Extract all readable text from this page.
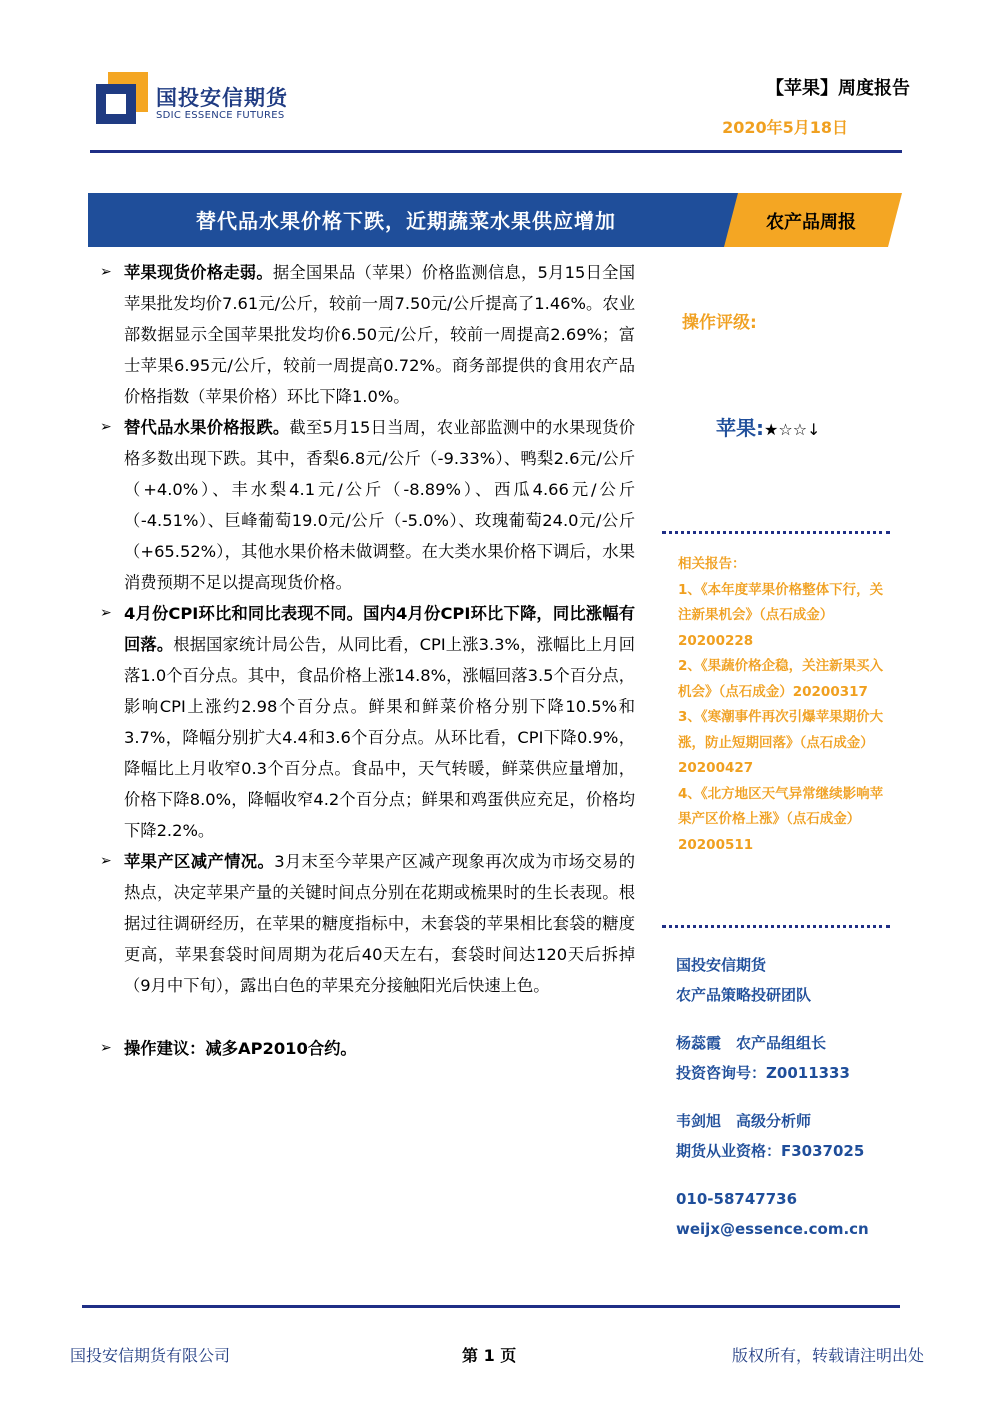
国投安信期货
SDIC ESSENCE FUTURES
【苹果】周度报告
2020年5月18日
替代品水果价格下跌，近期蔬菜水果供应增加	农产品周报
➢ 苹果现货价格走弱。据全国果品（苹果）价格监测信息，5月15日全国苹果批发均价7.61元/公斤，较前一周7.50元/公斤提高了1.46%。农业部数据显示全国苹果批发均价6.50元/公斤，较前一周提高2.69%；富士苹果6.95元/公斤，较前一周提高0.72%。商务部提供的食用农产品价格指数（苹果价格）环比下降1.0%。
➢ 替代品水果价格报跌。截至5月15日当周，农业部监测中的水果现货价格多数出现下跌。其中，香梨6.8元/公斤（-9.33%）、鸭梨2.6元/公斤（+4.0%）、丰水梨4.1元/公斤（-8.89%）、西瓜4.66元/公斤（-4.51%）、巨峰葡萄19.0元/公斤（-5.0%）、玫瑰葡萄24.0元/公斤（+65.52%），其他水果价格未做调整。在大类水果价格下调后，水果消费预期不足以提高现货价格。
➢ 4月份CPI环比和同比表现不同。国内4月份CPI环比下降，同比涨幅有回落。根据国家统计局公告，从同比看，CPI上涨3.3%，涨幅比上月回落1.0个百分点。其中，食品价格上涨14.8%，涨幅回落3.5个百分点，影响CPI上涨约2.98个百分点。鲜果和鲜菜价格分别下降10.5%和3.7%，降幅分别扩大4.4和3.6个百分点。从环比看，CPI下降0.9%，降幅比上月收窄0.3个百分点。食品中，天气转暖，鲜菜供应量增加，价格下降8.0%，降幅收窄4.2个百分点；鲜果和鸡蛋供应充足，价格均下降2.2%。
➢ 苹果产区减产情况。3月末至今苹果产区减产现象再次成为市场交易的热点，决定苹果产量的关键时间点分别在花期或梳果时的生长表现。根据过往调研经历，在苹果的糖度指标中，未套袋的苹果相比套袋的糖度更高，苹果套袋时间周期为花后40天左右，套袋时间达120天后拆掉（9月中下旬），露出白色的苹果充分接触阳光后快速上色。
➢ 操作建议：减多AP2010合约。
操作评级:
苹果:★☆☆↓
相关报告：
1、《本年度苹果价格整体下行，关注新果机会》（点石成金）20200228
2、《果蔬价格企稳，关注新果买入机会》（点石成金）20200317
3、《寒潮事件再次引爆苹果期价大涨，防止短期回落》（点石成金）20200427
4、《北方地区天气异常继续影响苹果产区价格上涨》（点石成金）20200511
国投安信期货
农产品策略投研团队
杨蕊霞　农产品组组长
投资咨询号：Z0011333
韦剑旭　高级分析师
期货从业资格：F3037025
010-58747736
weijx@essence.com.cn
国投安信期货有限公司	第 1 页	版权所有，转载请注明出处
